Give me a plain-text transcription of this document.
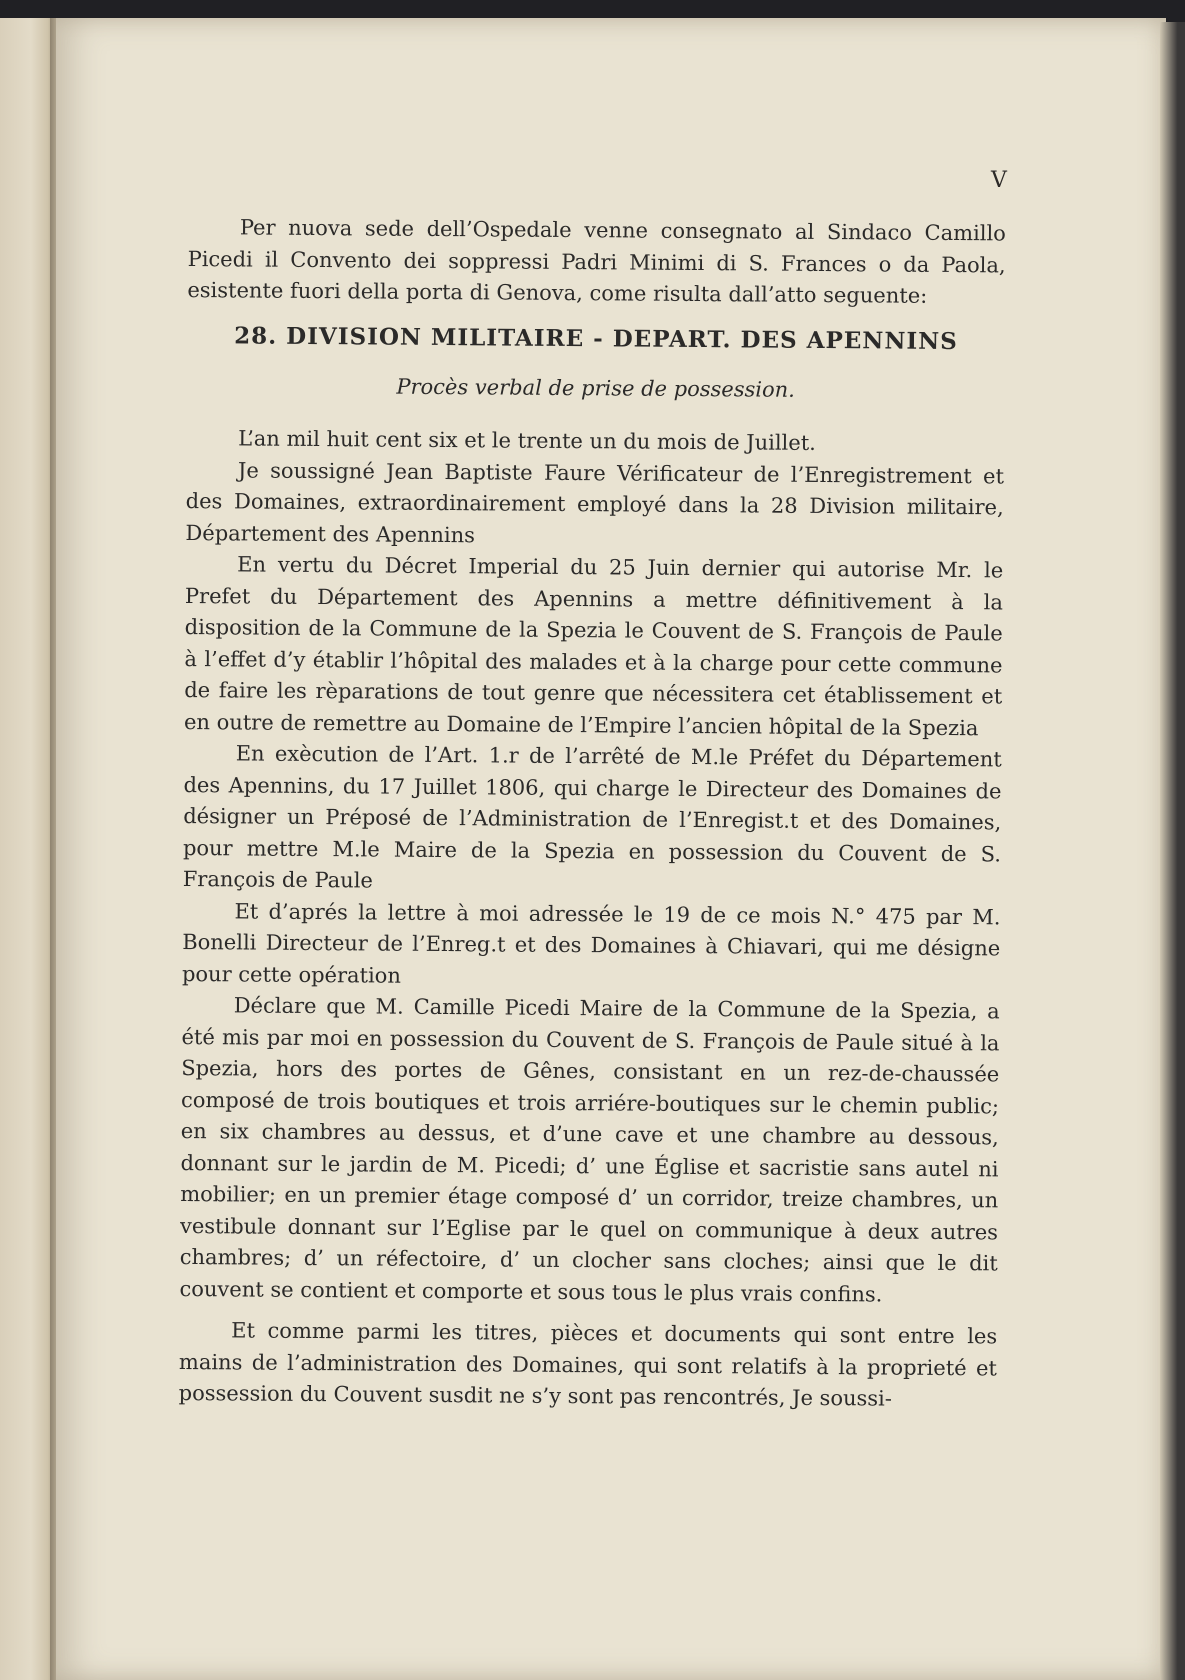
V

Per nuova sede dell’Ospedale venne consegnato al Sindaco Camillo Picedi il Convento dei soppressi Padri Minimi di S. Frances o da Paola, esistente fuori della porta di Genova, come risulta dall’atto seguente:

28. DIVISION MILITAIRE - DEPART. DES APENNINS

Procès verbal de prise de possession.

L’an mil huit cent six et le trente un du mois de Juillet.

Je soussigné Jean Baptiste Faure Vérificateur de l’Enregistrement et des Domaines, extraordinairement employé dans la 28 Division militaire, Département des Apennins

En vertu du Décret Imperial du 25 Juin dernier qui autorise Mr. le Prefet du Département des Apennins a mettre définitivement à la disposition de la Commune de la Spezia le Couvent de S. François de Paule à l’effet d’y établir l’hôpital des malades et à la charge pour cette commune de faire les rèparations de tout genre que nécessitera cet établissement et en outre de remettre au Domaine de l’Empire l’ancien hôpital de la Spezia

En exècution de l’Art. 1.r de l’arrêté de M.le Préfet du Département des Apennins, du 17 Juillet 1806, qui charge le Directeur des Domaines de désigner un Préposé de l’Administration de l’Enregist.t et des Domaines, pour mettre M.le Maire de la Spezia en possession du Couvent de S. François de Paule

Et d’aprés la lettre à moi adressée le 19 de ce mois N.° 475 par M. Bonelli Directeur de l’Enreg.t et des Domaines à Chiavari, qui me désigne pour cette opération

Déclare que M. Camille Picedi Maire de la Commune de la Spezia, a été mis par moi en possession du Couvent de S. François de Paule situé à la Spezia, hors des portes de Gênes, consistant en un rez-de-chaussée composé de trois boutiques et trois arriére-boutiques sur le chemin public; en six chambres au dessus, et d’une cave et une chambre au dessous, donnant sur le jardin de M. Picedi; d’ une Église et sacristie sans autel ni mobilier; en un premier étage composé d’ un corridor, treize chambres, un vestibule donnant sur l’Eglise par le quel on communique à deux autres chambres; d’ un réfectoire, d’ un clocher sans cloches; ainsi que le dit couvent se contient et comporte et sous tous le plus vrais confins.

Et comme parmi les titres, pièces et documents qui sont entre les mains de l’administration des Domaines, qui sont relatifs à la proprieté et possession du Couvent susdit ne s’y sont pas rencontrés, Je soussi-
